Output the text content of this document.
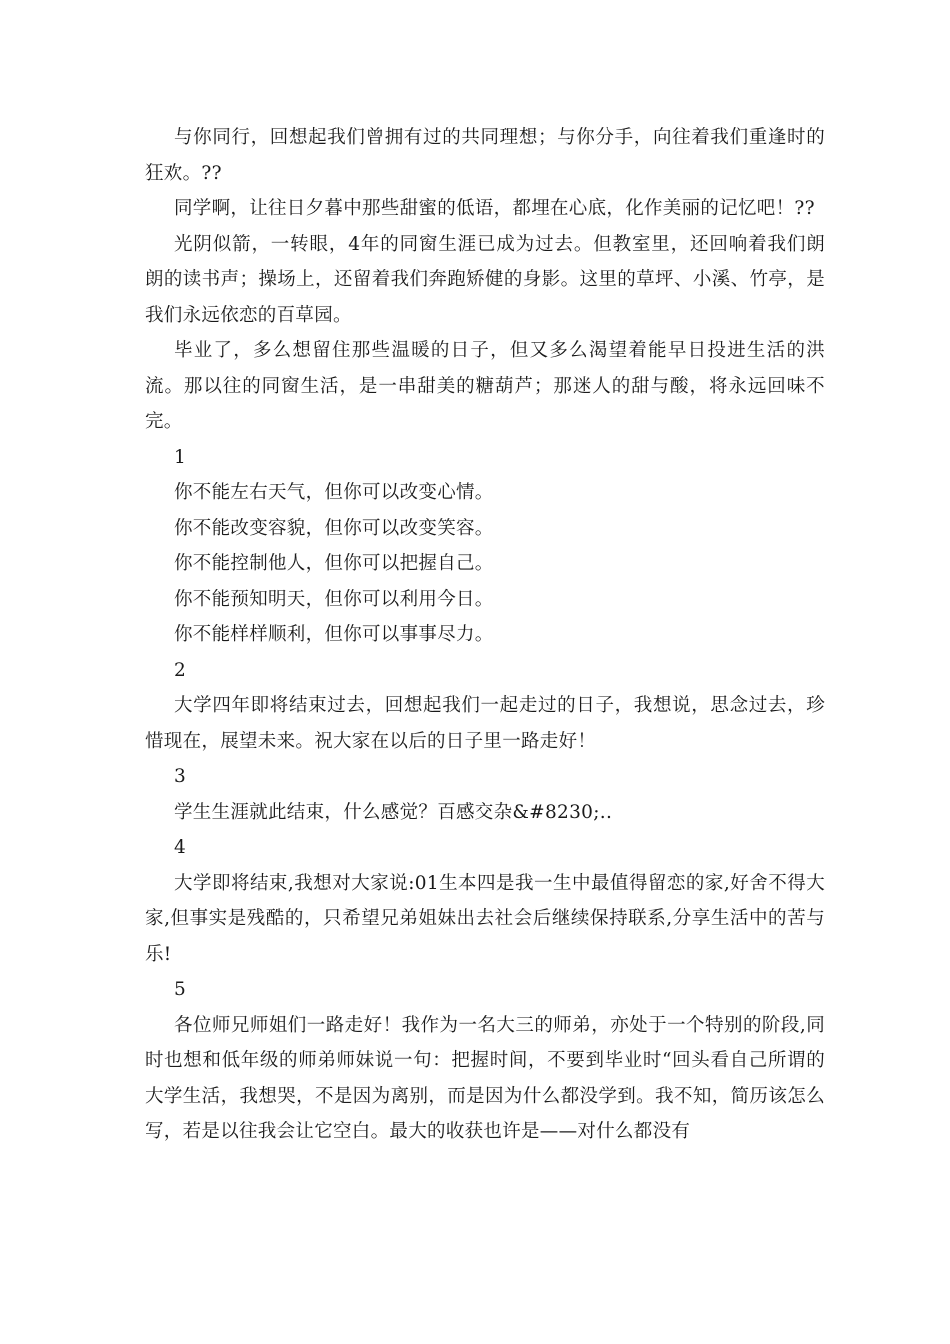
与你同行，回想起我们曾拥有过的共同理想；与你分手，向往着我们重逢时的狂欢。??

同学啊，让往日夕暮中那些甜蜜的低语，都埋在心底，化作美丽的记忆吧！??

光阴似箭，一转眼，4年的同窗生涯已成为过去。但教室里，还回响着我们朗朗的读书声；操场上，还留着我们奔跑矫健的身影。这里的草坪、小溪、竹亭，是我们永远依恋的百草园。

毕业了，多么想留住那些温暖的日子，但又多么渴望着能早日投进生活的洪流。那以往的同窗生活，是一串甜美的糖葫芦；那迷人的甜与酸，将永远回味不完。

1

你不能左右天气，但你可以改变心情。

你不能改变容貌，但你可以改变笑容。

你不能控制他人，但你可以把握自己。

你不能预知明天，但你可以利用今日。

你不能样样顺利，但你可以事事尽力。

2

大学四年即将结束过去，回想起我们一起走过的日子，我想说，思念过去，珍惜现在，展望未来。祝大家在以后的日子里一路走好！

3

学生生涯就此结束，什么感觉？百感交杂&#8230;..

4

大学即将结束,我想对大家说:01生本四是我一生中最值得留恋的家,好舍不得大家,但事实是残酷的，只希望兄弟姐妹出去社会后继续保持联系,分享生活中的苦与乐!

5

各位师兄师姐们一路走好！我作为一名大三的师弟，亦处于一个特别的阶段,同时也想和低年级的师弟师妹说一句：把握时间，不要到毕业时“回头看自己所谓的大学生活，我想哭，不是因为离别，而是因为什么都没学到。我不知，简历该怎么写，若是以往我会让它空白。最大的收获也许是——对什么都没有
